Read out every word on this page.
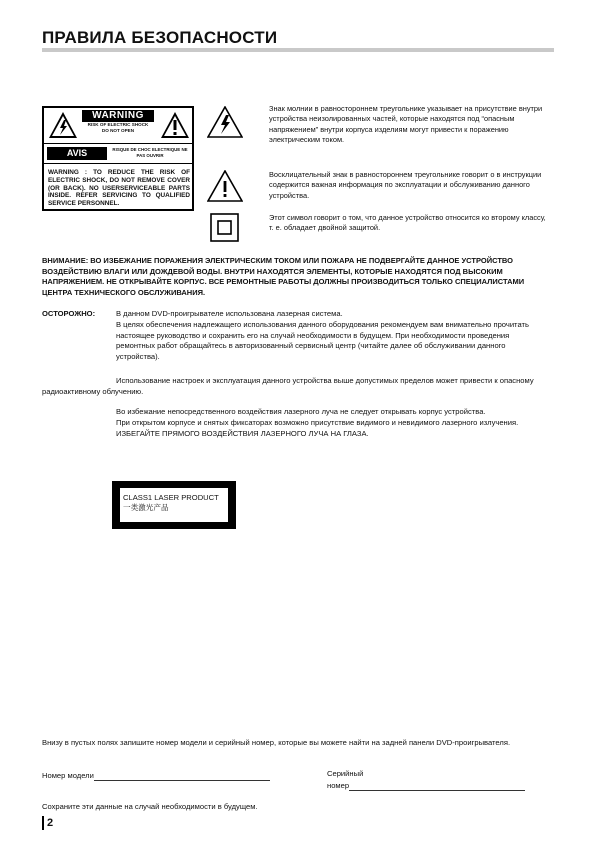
ПРАВИЛА БЕЗОПАСНОСТИ
WARNING
RISK OF ELECTRIC SHOCK
DO NOT OPEN
AVIS	RISQUE DE CHOC ELECTRIQUE NE
PAS OUVRIR
WARNING : TO REDUCE THE RISK OF ELECTRIC SHOCK, DO NOT REMOVE COVER (OR BACK). NO USERSERVICEABLE PARTS INSIDE. REFER SERVICING TO QUALIFIED SERVICE PERSONNEL.
Знак молнии в равностороннем треугольнике указывает на присутствие внутри устройства неизолированных частей, которые находятся под “опасным напряжением” внутри корпуса изделиям могут привести к поражению электрическим током.
Восклицательный знак в равностороннем треугольнике говорит о в инструкции содержится важная информация по эксплуатации и обслуживанию данного устройства.
Этот символ говорит о том, что данное устройство относится ко второму классу, т. е. обладает двойной защитой.
ВНИМАНИЕ: ВО ИЗБЕЖАНИЕ ПОРАЖЕНИЯ ЭЛЕКТРИЧЕСКИМ ТОКОМ ИЛИ ПОЖАРА НЕ ПОДВЕРГАЙТЕ ДАННОЕ УСТРОЙСТВО ВОЗДЕЙСТВИЮ ВЛАГИ ИЛИ ДОЖДЕВОЙ ВОДЫ. ВНУТРИ НАХОДЯТСЯ ЭЛЕМЕНТЫ, КОТОРЫЕ НАХОДЯТСЯ ПОД ВЫСОКИМ НАПРЯЖЕНИЕМ. НЕ ОТКРЫВАЙТЕ КОРПУС. ВСЕ РЕМОНТНЫЕ РАБОТЫ ДОЛЖНЫ ПРОИЗВОДИТЬСЯ ТОЛЬКО СПЕЦИАЛИСТАМИ ЦЕНТРА ТЕХНИЧЕСКОГО ОБСЛУЖИВАНИЯ.
ОСТОРОЖНО:	В данном DVD-проигрывателе использована лазерная система.
В целях обеспечения надлежащего использования данного оборудования рекомендуем вам внимательно прочитать настоящее руководство и сохранить его на случай необходимости в будущем. При необходимости проведения ремонтных работ обращайтесь в авторизованный сервисный центр (читайте далее об обслуживании данного устройства).
Использование настроек и эксплуатация данного устройства выше допустимых пределов может привести к опасному радиоактивному облучению.
Во избежание непосредственного воздействия лазерного луча не следует открывать корпус устройства.
При открытом корпусе и снятых фиксаторах возможно присутствие видимого и невидимого лазерного излучения.
ИЗБЕГАЙТЕ ПРЯМОГО ВОЗДЕЙСТВИЯ ЛАЗЕРНОГО ЛУЧА НА ГЛАЗА.
CLASS1 LASER PRODUCT
一类激光产品
Внизу в пустых полях запишите номер модели и серийный номер, которые вы можете найти на задней панели DVD-проигрывателя.
Номер модели	Серийный
номер
Сохраните эти данные на случай необходимости в будущем.
2
